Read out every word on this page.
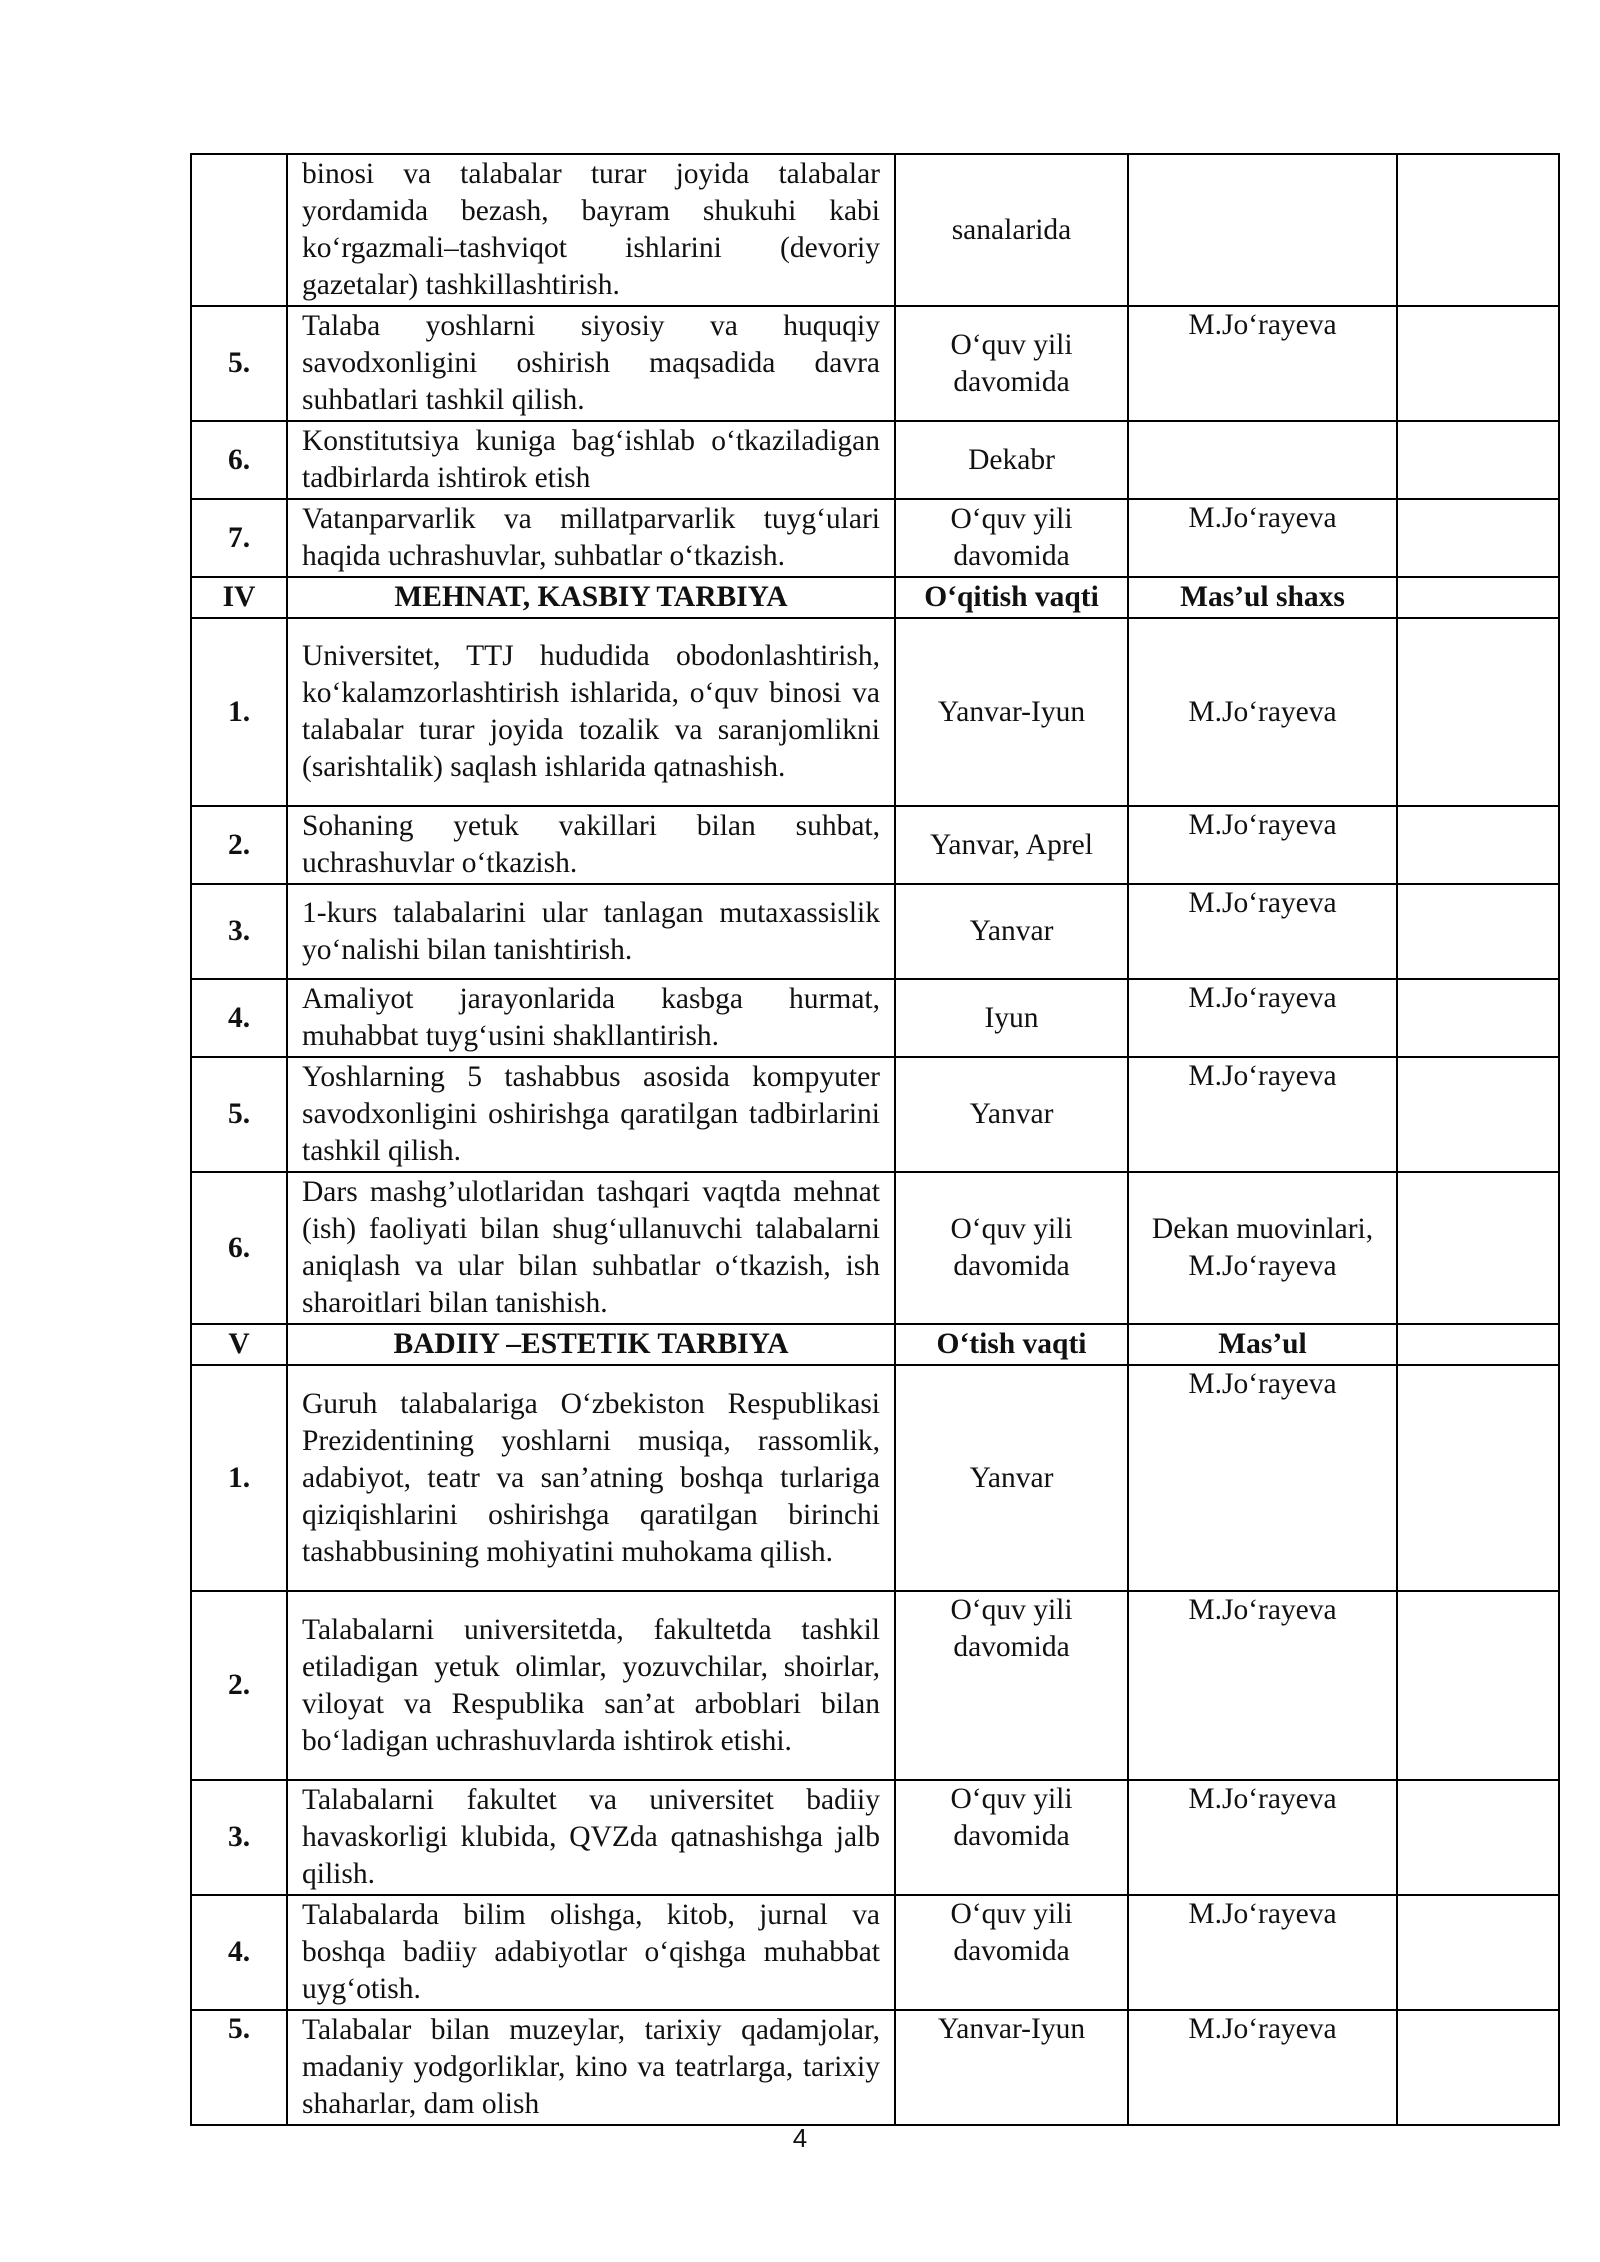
	binosi va talabalar turar joyida talabalar yordamida bezash, bayram shukuhi kabi koʻrgazmali–tashviqot ishlarini (devoriy gazetalar) tashkillashtirish.	sanalarida		
5.	Talaba yoshlarni siyosiy va huquqiy savodxonligini oshirish maqsadida davra suhbatlari tashkil qilish.	Oʻquv yili davomida	M.Joʻrayeva	
6.	Konstitutsiya kuniga bagʻishlab oʻtkaziladigan tadbirlarda ishtirok etish	Dekabr		
7.	Vatanparvarlik va millatparvarlik tuygʻulari haqida uchrashuvlar, suhbatlar oʻtkazish.	Oʻquv yili davomida	M.Joʻrayeva	
IV	MEHNAT, KASBIY TARBIYA	Oʻqitish vaqti	Mas’ul shaxs	
1.	Universitet, TTJ hududida obodonlashtirish, koʻkalamzorlashtirish ishlarida, oʻquv binosi va talabalar turar joyida tozalik va saranjomlikni (sarishtalik) saqlash ishlarida qatnashish.	Yanvar-Iyun	M.Joʻrayeva	
2.	Sohaning yetuk vakillari bilan suhbat, uchrashuvlar oʻtkazish.	Yanvar, Aprel	M.Joʻrayeva	
3.	1-kurs talabalarini ular tanlagan mutaxassislik yoʻnalishi bilan tanishtirish.	Yanvar	M.Joʻrayeva	
4.	Amaliyot jarayonlarida kasbga hurmat, muhabbat tuygʻusini shakllantirish.	Iyun	M.Joʻrayeva	
5.	Yoshlarning 5 tashabbus asosida kompyuter savodxonligini oshirishga qaratilgan tadbirlarini tashkil qilish.	Yanvar	M.Joʻrayeva	
6.	Dars mashg’ulotlaridan tashqari vaqtda mehnat (ish) faoliyati bilan shugʻullanuvchi talabalarni aniqlash va ular bilan suhbatlar oʻtkazish, ish sharoitlari bilan tanishish.	Oʻquv yili davomida	Dekan muovinlari, M.Joʻrayeva	
V	BADIIY –ESTETIK TARBIYA	Oʻtish vaqti	Mas’ul	
1.	Guruh talabalariga Oʻzbekiston Respublikasi Prezidentining yoshlarni musiqa, rassomlik, adabiyot, teatr va san’atning boshqa turlariga qiziqishlarini oshirishga qaratilgan birinchi tashabbusining mohiyatini muhokama qilish.	Yanvar	M.Joʻrayeva	
2.	Talabalarni universitetda, fakultetda tashkil etiladigan yetuk olimlar, yozuvchilar, shoirlar, viloyat va Respublika san’at arboblari bilan boʻladigan uchrashuvlarda ishtirok etishi.	Oʻquv yili davomida	M.Joʻrayeva	
3.	Talabalarni fakultet va universitet badiiy havaskorligi klubida, QVZda qatnashishga jalb qilish.	Oʻquv yili davomida	M.Joʻrayeva	
4.	Talabalarda bilim olishga, kitob, jurnal va boshqa badiiy adabiyotlar oʻqishga muhabbat uygʻotish.	Oʻquv yili davomida	M.Joʻrayeva	
5.	Talabalar bilan muzeylar, tarixiy qadamjolar, madaniy yodgorliklar, kino va teatrlarga, tarixiy shaharlar, dam olish	Yanvar-Iyun	M.Joʻrayeva	
4
